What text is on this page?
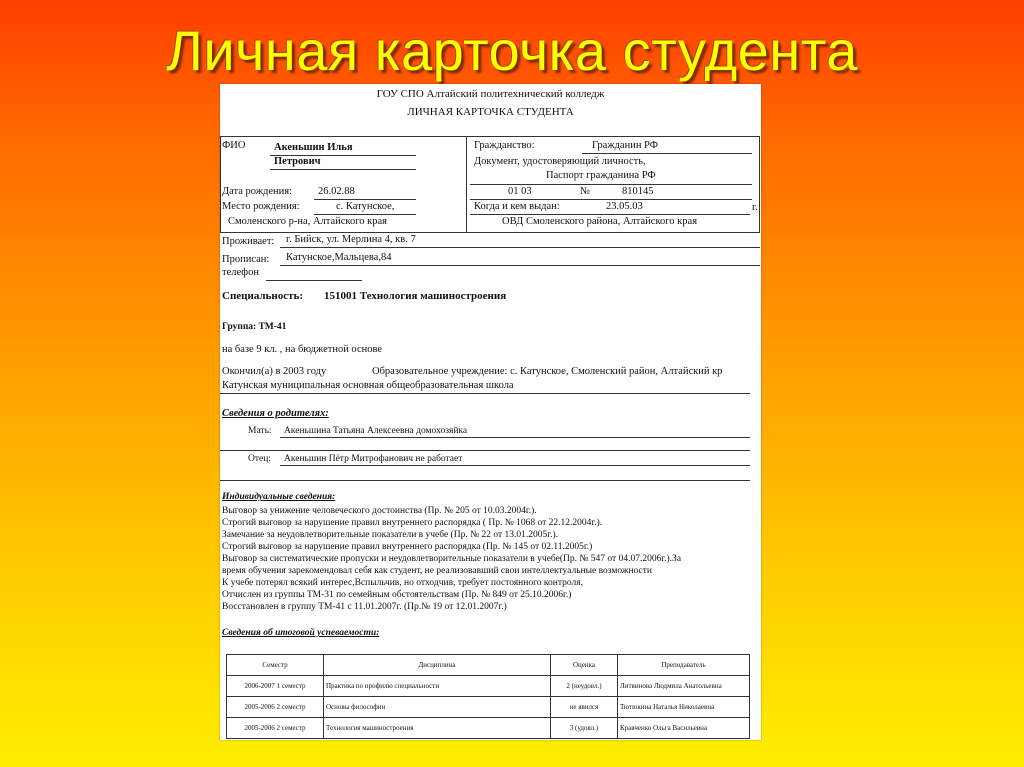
Личная карточка студента
ГОУ СПО Алтайский политехнический колледж
ЛИЧНАЯ КАРТОЧКА СТУДЕНТА
ФИО	Акеньшин Илья
Петрович
Дата рождения: 26.02.88
Место рождения:	с. Катунское,
Смоленского р-на, Алтайского края
Гражданство:	Гражданин РФ
Документ, удостоверяющий личность,
Паспорт гражданина РФ
01 03	№	810145
Когда и кем выдан:	23.05.03	г.
ОВД Смоленского района, Алтайского края
Проживает: г. Бийск, ул. Мерлина 4, кв. 7
Прописан: Катунское,Мальцева,84
телефон
Специальность: 151001 Технология машиностроения
Группа: ТМ-41
на базе 9 кл. , на бюджетной основе
Окончил(а) в 2003 году	Образовательное учреждение: с. Катунское, Смоленский район, Алтайский кр
Катунская муниципальная основная общеобразовательная школа
Сведения о родителях:
Мать: Акеньшина Татьяна Алексеевна домохозяйка
Отец: Акеньшин Пётр Митрофанович не работает
Индивидуальные сведения:
Выговор за унижение человеческого достоинства (Пр. № 205 от 10.03.2004г.).
Строгий выговор за нарушение правил внутреннего распорядка ( Пр. № 1068 от 22.12.2004г.).
Замечание за неудовлетворительные показатели в учебе (Пр. № 22 от 13.01.2005г.).
Строгий выговор за нарушение правил внутреннего распорядка (Пр. № 145 от 02.11.2005г.)
Выговор за систематические пропуски и неудовлетворительные показатели в учебе(Пр. № 547 от 04.07.2006г.).За
время обучения зарекомендовал себя как студент, не реализовавший свои интеллектуальные возможности
К учебе потерял всякий интерес,Вспыльчив, но отходчив, требует постоянного контроля,
Отчислен из группы ТМ-31 по семейным обстоятельствам (Пр. № 849 от 25.10.2006г.)
Восстановлен в группу ТМ-41 с 11.01.2007г. (Пр.№ 19 от 12.01.2007г.)
Сведения об итоговой успеваемости:
Семестр	Дисциплина	Оценка	Преподаватель
2006-2007 1 семестр	Практика по профилю специальности	2 (неудовл.)	Литвинова Людмила Анатольевна
2005-2006 2 семестр	Основы философии	не явился	Тютюкина Наталья Николаевна
2005-2006 2 семестр	Технология машиностроения	3 (удовл.)	Кравченко Ольга Васильевна
